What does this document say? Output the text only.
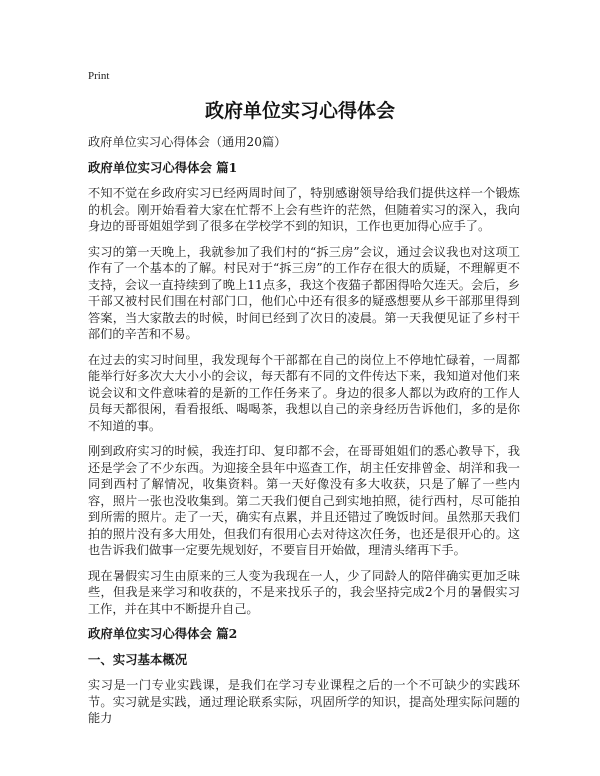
Print
政府单位实习心得体会

政府单位实习心得体会（通用20篇）

政府单位实习心得体会 篇1

不知不觉在乡政府实习已经两周时间了，特别感谢领导给我们提供这样一个锻炼的机会。刚开始看着大家在忙帮不上会有些许的茫然，但随着实习的深入，我向身边的哥哥姐姐学到了很多在学校学不到的知识，工作也更加得心应手了。

实习的第一天晚上，我就参加了我们村的“拆三房”会议，通过会议我也对这项工作有了一个基本的了解。村民对于“拆三房”的工作存在很大的质疑，不理解更不支持，会议一直持续到了晚上11点多，我这个夜猫子都困得哈欠连天。会后，乡干部又被村民们围在村部门口，他们心中还有很多的疑惑想要从乡干部那里得到答案，当大家散去的时候，时间已经到了次日的凌晨。第一天我便见证了乡村干部们的辛苦和不易。

在过去的实习时间里，我发现每个干部都在自己的岗位上不停地忙碌着，一周都能举行好多次大大小小的会议，每天都有不同的文件传达下来，我知道对他们来说会议和文件意味着的是新的工作任务来了。身边的很多人都以为政府的工作人员每天都很闲，看看报纸、喝喝茶，我想以自己的亲身经历告诉他们，多的是你不知道的事。

刚到政府实习的时候，我连打印、复印都不会，在哥哥姐姐们的悉心教导下，我还是学会了不少东西。为迎接全县年中巡查工作，胡主任安排曾金、胡洋和我一同到西村了解情况，收集资料。第一天好像没有多大收获，只是了解了一些内容，照片一张也没收集到。第二天我们便自己到实地拍照，徒行西村，尽可能拍到所需的照片。走了一天，确实有点累，并且还错过了晚饭时间。虽然那天我们拍的照片没有多大用处，但我们有很用心去对待这次任务，也还是很开心的。这也告诉我们做事一定要先规划好，不要盲目开始做，理清头绪再下手。

现在暑假实习生由原来的三人变为我现在一人，少了同龄人的陪伴确实更加乏味些，但我是来学习和收获的，不是来找乐子的，我会坚持完成2个月的暑假实习工作，并在其中不断提升自己。

政府单位实习心得体会 篇2

一、实习基本概况

实习是一门专业实践课，是我们在学习专业课程之后的一个不可缺少的实践环节。实习就是实践，通过理论联系实际，巩固所学的知识，提高处理实际问题的能力
